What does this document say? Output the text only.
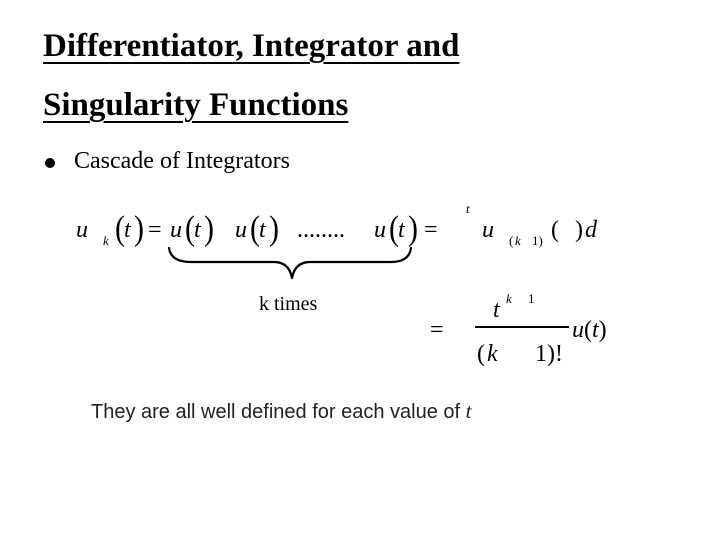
Differentiator, Integrator and
Singularity Functions
Cascade of Integrators
u k ( t ) = u ( t ) u ( t ) ........ u ( t ) =
t
u ( k 1) ( ) d
k times
=
t k 1
( k 1)!
u(t)
They are all well defined for each value of t
